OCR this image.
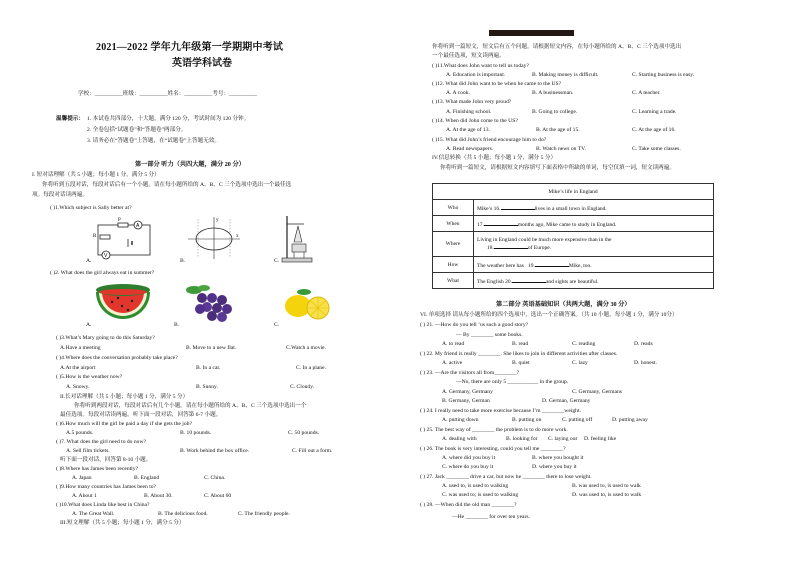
2021—2022 学年九年级第一学期期中考试
英语学科试卷
学校：__________班级：__________姓名：__________考号：__________
温馨提示： 1. 本试卷共四部分，十大题，满分 120 分，考试时间为 120 分钟。
2. 全卷包括“试题卷”和“答题卷”两部分。
3. 请务必在“答题卷”上答题，在“试题卷”上答题无效。
第一部分 听力（共四大题，满分 20 分）
I. 短对话理解（共 5 小题；每小题 1 分，满分 5 分）
你将听到五段对话，每段对话后有一个小题。请在每小题所给的 A、B、C 三个选项中选出一个最佳选
项。每段对话读两遍。
( )1.Which subject is Sally better at?
A
V
R
P
x
y
A.	B.	C.
( )2. What does the girl always eat in summer?
A.	B.	C.
( )3.What’s Mary going to do this Saturday?
A.Have a meeting	B. Move to a new flat.	C.Watch a movie.
( )4.Where does the conversation probably take place?
A.At the airport	B. In a car.	C. In a plane.
( )5.How is the weather now?
A. Snowy.	B. Sunny.	C. Cloudy.
II.长对话理解（共 5 小题；每小题 1 分，满分 5 分）
你将听到两段对话，每段对话后有几个小题。请在每小题所给的 A、B、C 三个选项中选出一个
最佳选项。每段对话读两遍。听下面一段对话，回答第 6-7 小题。
( )6.How much will the girl be paid a day if she gets the job?
A.5 pounds.	B. 10 pounds.	C. 50 pounds.
( )7. What does the girl need to do now?
A. Sell film tickets.	B. Work behind the box office.	C. Fill out a form.
听下面一段对话，回答第 8-10 小题。
( )8.Where has James been recently?
A. Japan	B. England	C. China.
( )9.How many countries has James been to?
A. About 1	B. About 30.	C. About 60
( )10.What does Linda like best in China?
A. The Great Wall.	B. The delicious food.	C. The friendly people.
III.短文理解（共 5 小题；每小题 1 分，满分 5 分）
你将听到一篇短文，短文后有五个问题。请根据短文内容，在每小题所给的 A、B、C 三个选项中选出
一个最佳选项，短文读两遍。
( )11.What does John want to tell us today?
A. Education is important.	B. Making money is difficult.	C. Starting business is easy.
( )12. What did John want to be when he came to the US?
A. A cook.	B. A businessman.	C. A teacher.
( )13. What made John very proud?
A. Finishing school.	B. Going to college.	C. Learning a trade.
( )14. When did John come to the US?
A. At the age of 13.	B. At the age of 15.	C. At the age of 16.
( )15. What did John’s friend encourage him to do?
A. Read newspapers.	B. Watch news on TV.	C. Take some classes.
IV.信息转换（共 5 小题；每小题 1 分，满分 5 分）
你将听到一篇短文，请根据短文内容填写下面表格中所缺的单词，每空仅填一词，短文读两遍。
Mike’s life in England	
Who	Mike’s 16. lives in a small town in England.
When	17. months ago, Mike came to study in England.
Where	Living in England could be much more expensive than in the
18. of Europe.
How	The weather here has 19. Mike, too.
What	The English 20. and sights are beautiful.
第二部分 英语基础知识（共两大题，满分 30 分）
VI. 单项选择 请从每小题所给的四个选项中，选出一个正确答案。（共 10 小题，每小题 1 分，满分 10分）
( ) 21. —How do you tell ’us such a good story?
— By ________ some books.
A. to read	B. read	C. reading	D. reads
( ) 22. My friend is really ________. She likes to join in different activities after classes.
A. active	B. quiet	C. lazy	D. honest.
( ) 23. —Are the visitors all from________?
—No, there are only 5 ___________ in the group.
A. Germany, Germany	C. Germany, Germans
B. Germany, German	D. German, Germany
( ) 24. I really need to take more exercise because I’m ________weight.
A. putting down	B. putting on	C. putting off	D. putting away
( ) 25. The best way of ________ the problem is to do more work.
A. dealing with	B. looking for C. laying out D. feeling like
( ) 26. The book is very interesting, could you tell me ________?
A. where did you buy it	B. where you bought it
C. where do you buy it	D. where you buy it
( ) 27. Jack ________ drive a car, but now he ________ there to lose weight.
A. used to, is used to walking	B. was used to, is used to walk
C. was used to; is used to walking	D. was used to, is used to walk
( ) 28. —When did the old man ________?
—He ________ for over ten years.
